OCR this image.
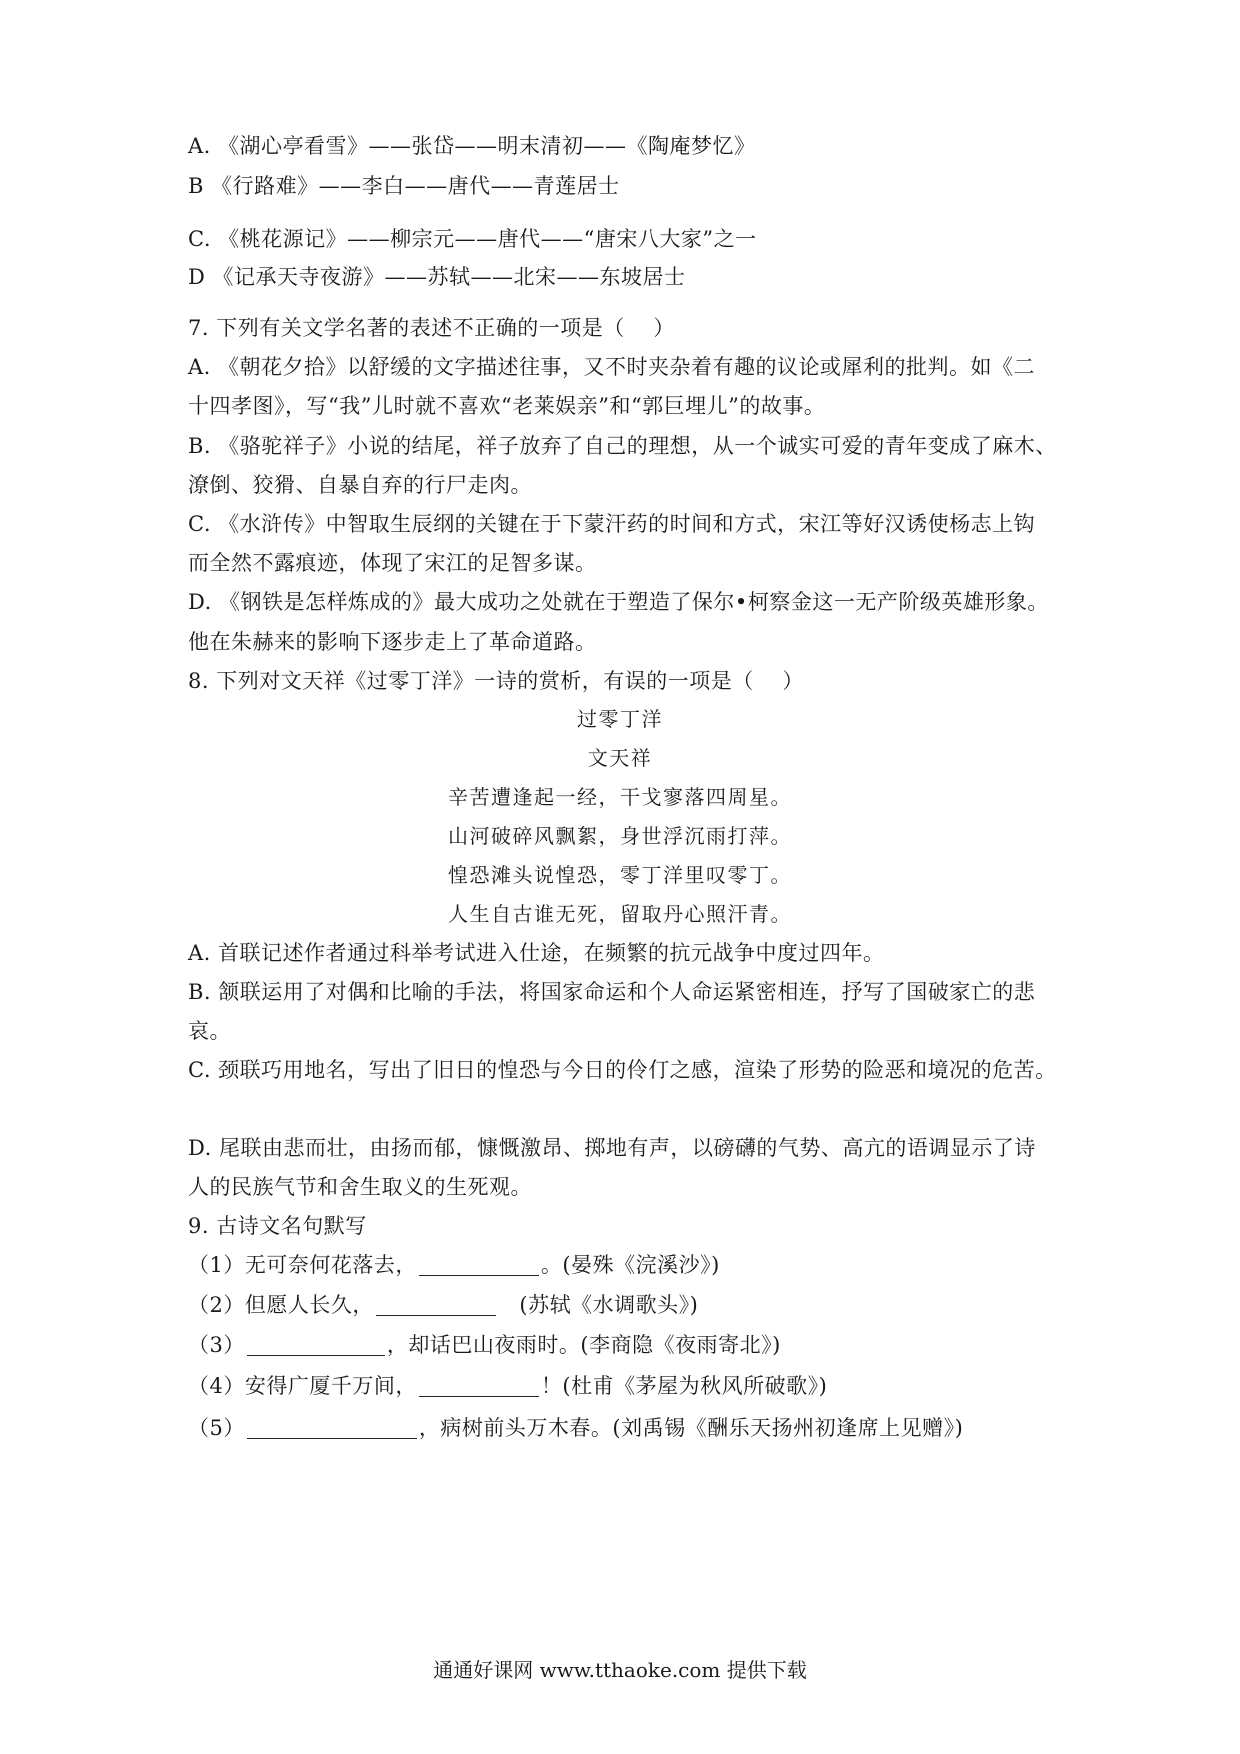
A. 《湖心亭看雪》——张岱——明末清初——《陶庵梦忆》
B 《行路难》——李白——唐代——青莲居士
C. 《桃花源记》——柳宗元——唐代——“唐宋八大家”之一
D 《记承天寺夜游》——苏轼——北宋——东坡居士
7. 下列有关文学名著的表述不正确的一项是（　 ）
A. 《朝花夕拾》以舒缓的文字描述往事，又不时夹杂着有趣的议论或犀利的批判。如《二
十四孝图》，写“我”儿时就不喜欢“老莱娱亲”和“郭巨埋儿”的故事。
B. 《骆驼祥子》小说的结尾，祥子放弃了自己的理想，从一个诚实可爱的青年变成了麻木、
潦倒、狡猾、自暴自弃的行尸走肉。
C. 《水浒传》中智取生辰纲的关键在于下蒙汗药的时间和方式，宋江等好汉诱使杨志上钩
而全然不露痕迹，体现了宋江的足智多谋。
D. 《钢铁是怎样炼成的》最大成功之处就在于塑造了保尔•柯察金这一无产阶级英雄形象。
他在朱赫来的影响下逐步走上了革命道路。
8. 下列对文天祥《过零丁洋》一诗的赏析，有误的一项是（　 ）
过零丁洋
文天祥
辛苦遭逢起一经，干戈寥落四周星。
山河破碎风飘絮，身世浮沉雨打萍。
惶恐滩头说惶恐，零丁洋里叹零丁。
人生自古谁无死，留取丹心照汗青。
A. 首联记述作者通过科举考试进入仕途，在频繁的抗元战争中度过四年。
B. 颔联运用了对偶和比喻的手法，将国家命运和个人命运紧密相连，抒写了国破家亡的悲
哀。
C. 颈联巧用地名，写出了旧日的惶恐与今日的伶仃之感，渲染了形势的险恶和境况的危苦。
D. 尾联由悲而壮，由扬而郁，慷慨激昂、掷地有声，以磅礴的气势、高亢的语调显示了诗
人的民族气节和舍生取义的生死观。
9. 古诗文名句默写
（1）无可奈何花落去，	。(晏殊《浣溪沙》)
（2）但愿人长久，	　(苏轼《水调歌头》)
（3）	，却话巴山夜雨时。(李商隐《夜雨寄北》)
（4）安得广厦千万间，	！(杜甫《茅屋为秋风所破歌》)
（5）	，病树前头万木春。(刘禹锡《酬乐天扬州初逢席上见赠》)
通通好课网 www.tthaoke.com 提供下载
